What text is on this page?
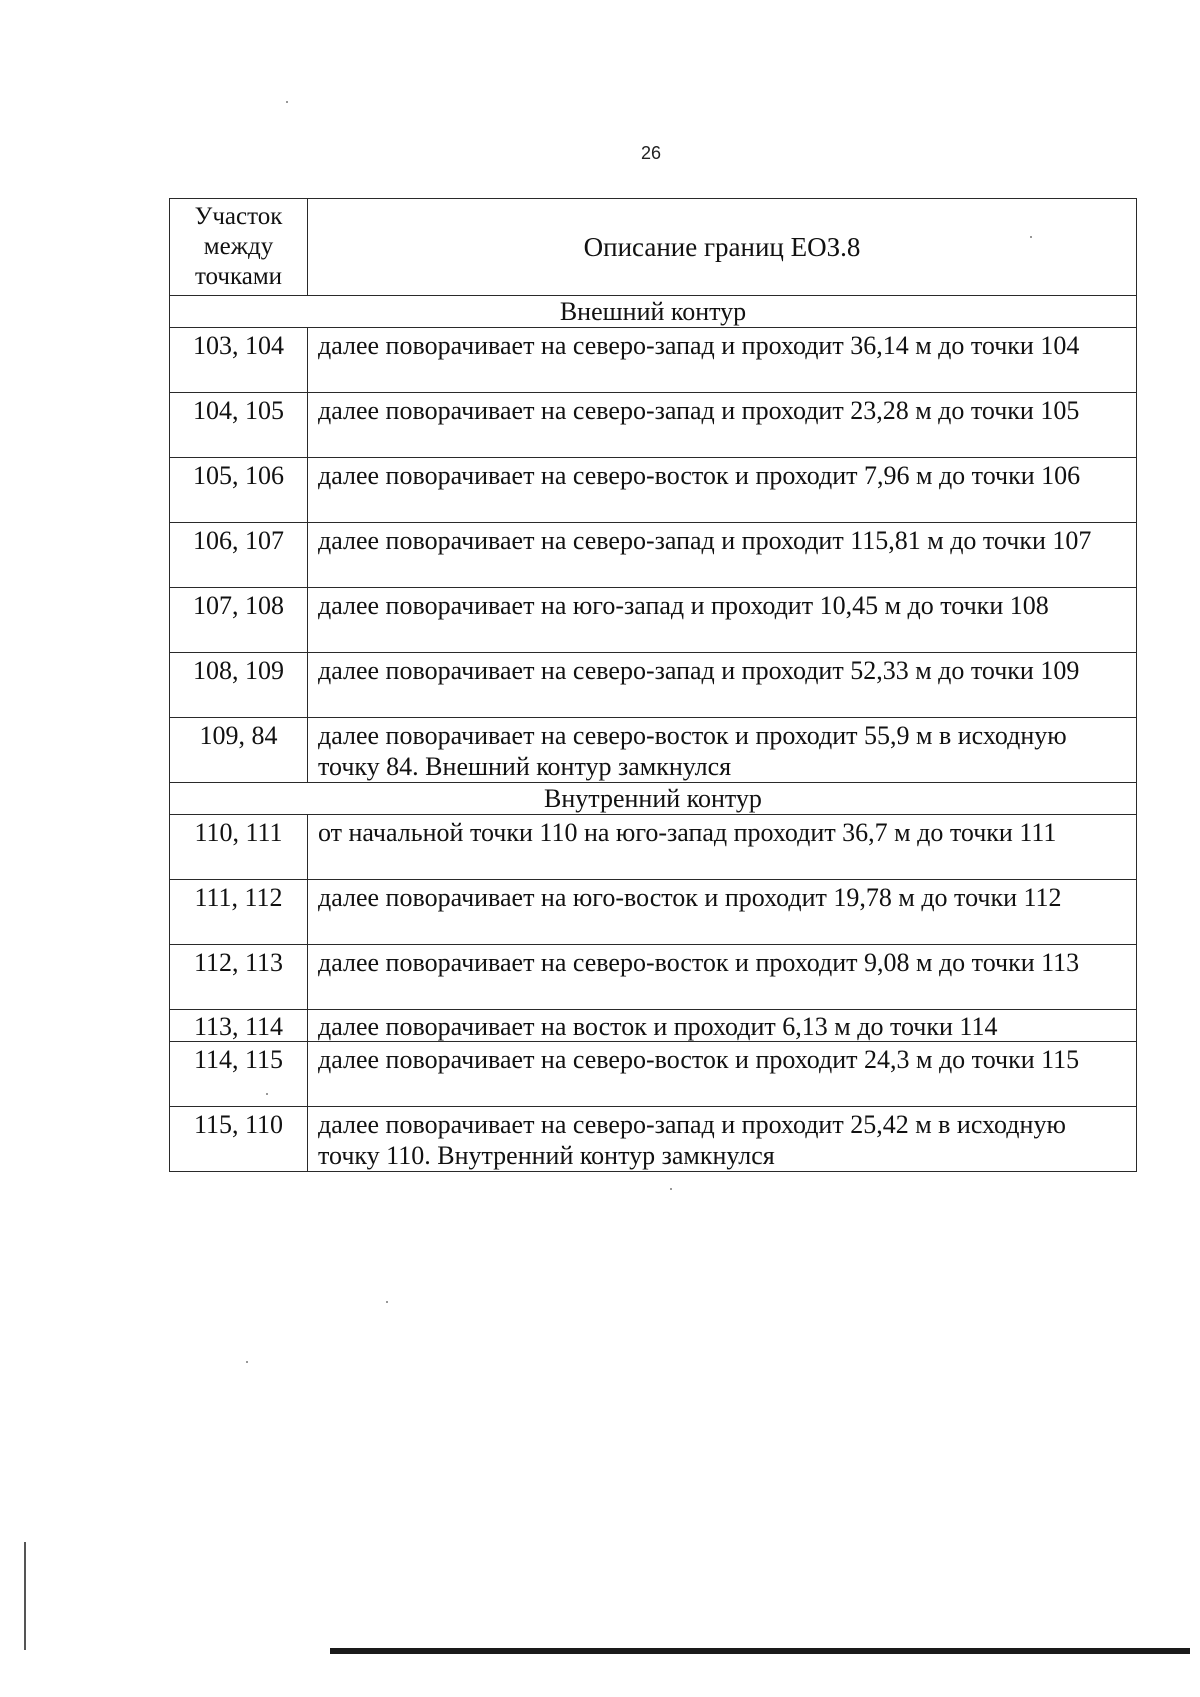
26
Участок
между
точками	Описание границ ЕОЗ.8
Внешний контур	
103, 104	далее поворачивает на северо-запад и проходит 36,14 м до точки 104
104, 105	далее поворачивает на северо-запад и проходит 23,28 м до точки 105
105, 106	далее поворачивает на северо-восток и проходит 7,96 м до точки 106
106, 107	далее поворачивает на северо-запад и проходит 115,81 м до точки 107
107, 108	далее поворачивает на юго-запад и проходит 10,45 м до точки 108
108, 109	далее поворачивает на северо-запад и проходит 52,33 м до точки 109
109, 84	далее поворачивает на северо-восток и проходит 55,9 м в исходную точку 84. Внешний контур замкнулся
Внутренний контур	
110, 111	от начальной точки 110 на юго-запад проходит 36,7 м до точки 111
111, 112	далее поворачивает на юго-восток и проходит 19,78 м до точки 112
112, 113	далее поворачивает на северо-восток и проходит 9,08 м до точки 113
113, 114	далее поворачивает на восток и проходит 6,13 м до точки 114
114, 115	далее поворачивает на северо-восток и проходит 24,3 м до точки 115
115, 110	далее поворачивает на северо-запад и проходит 25,42 м в исходную точку 110. Внутренний контур замкнулся
